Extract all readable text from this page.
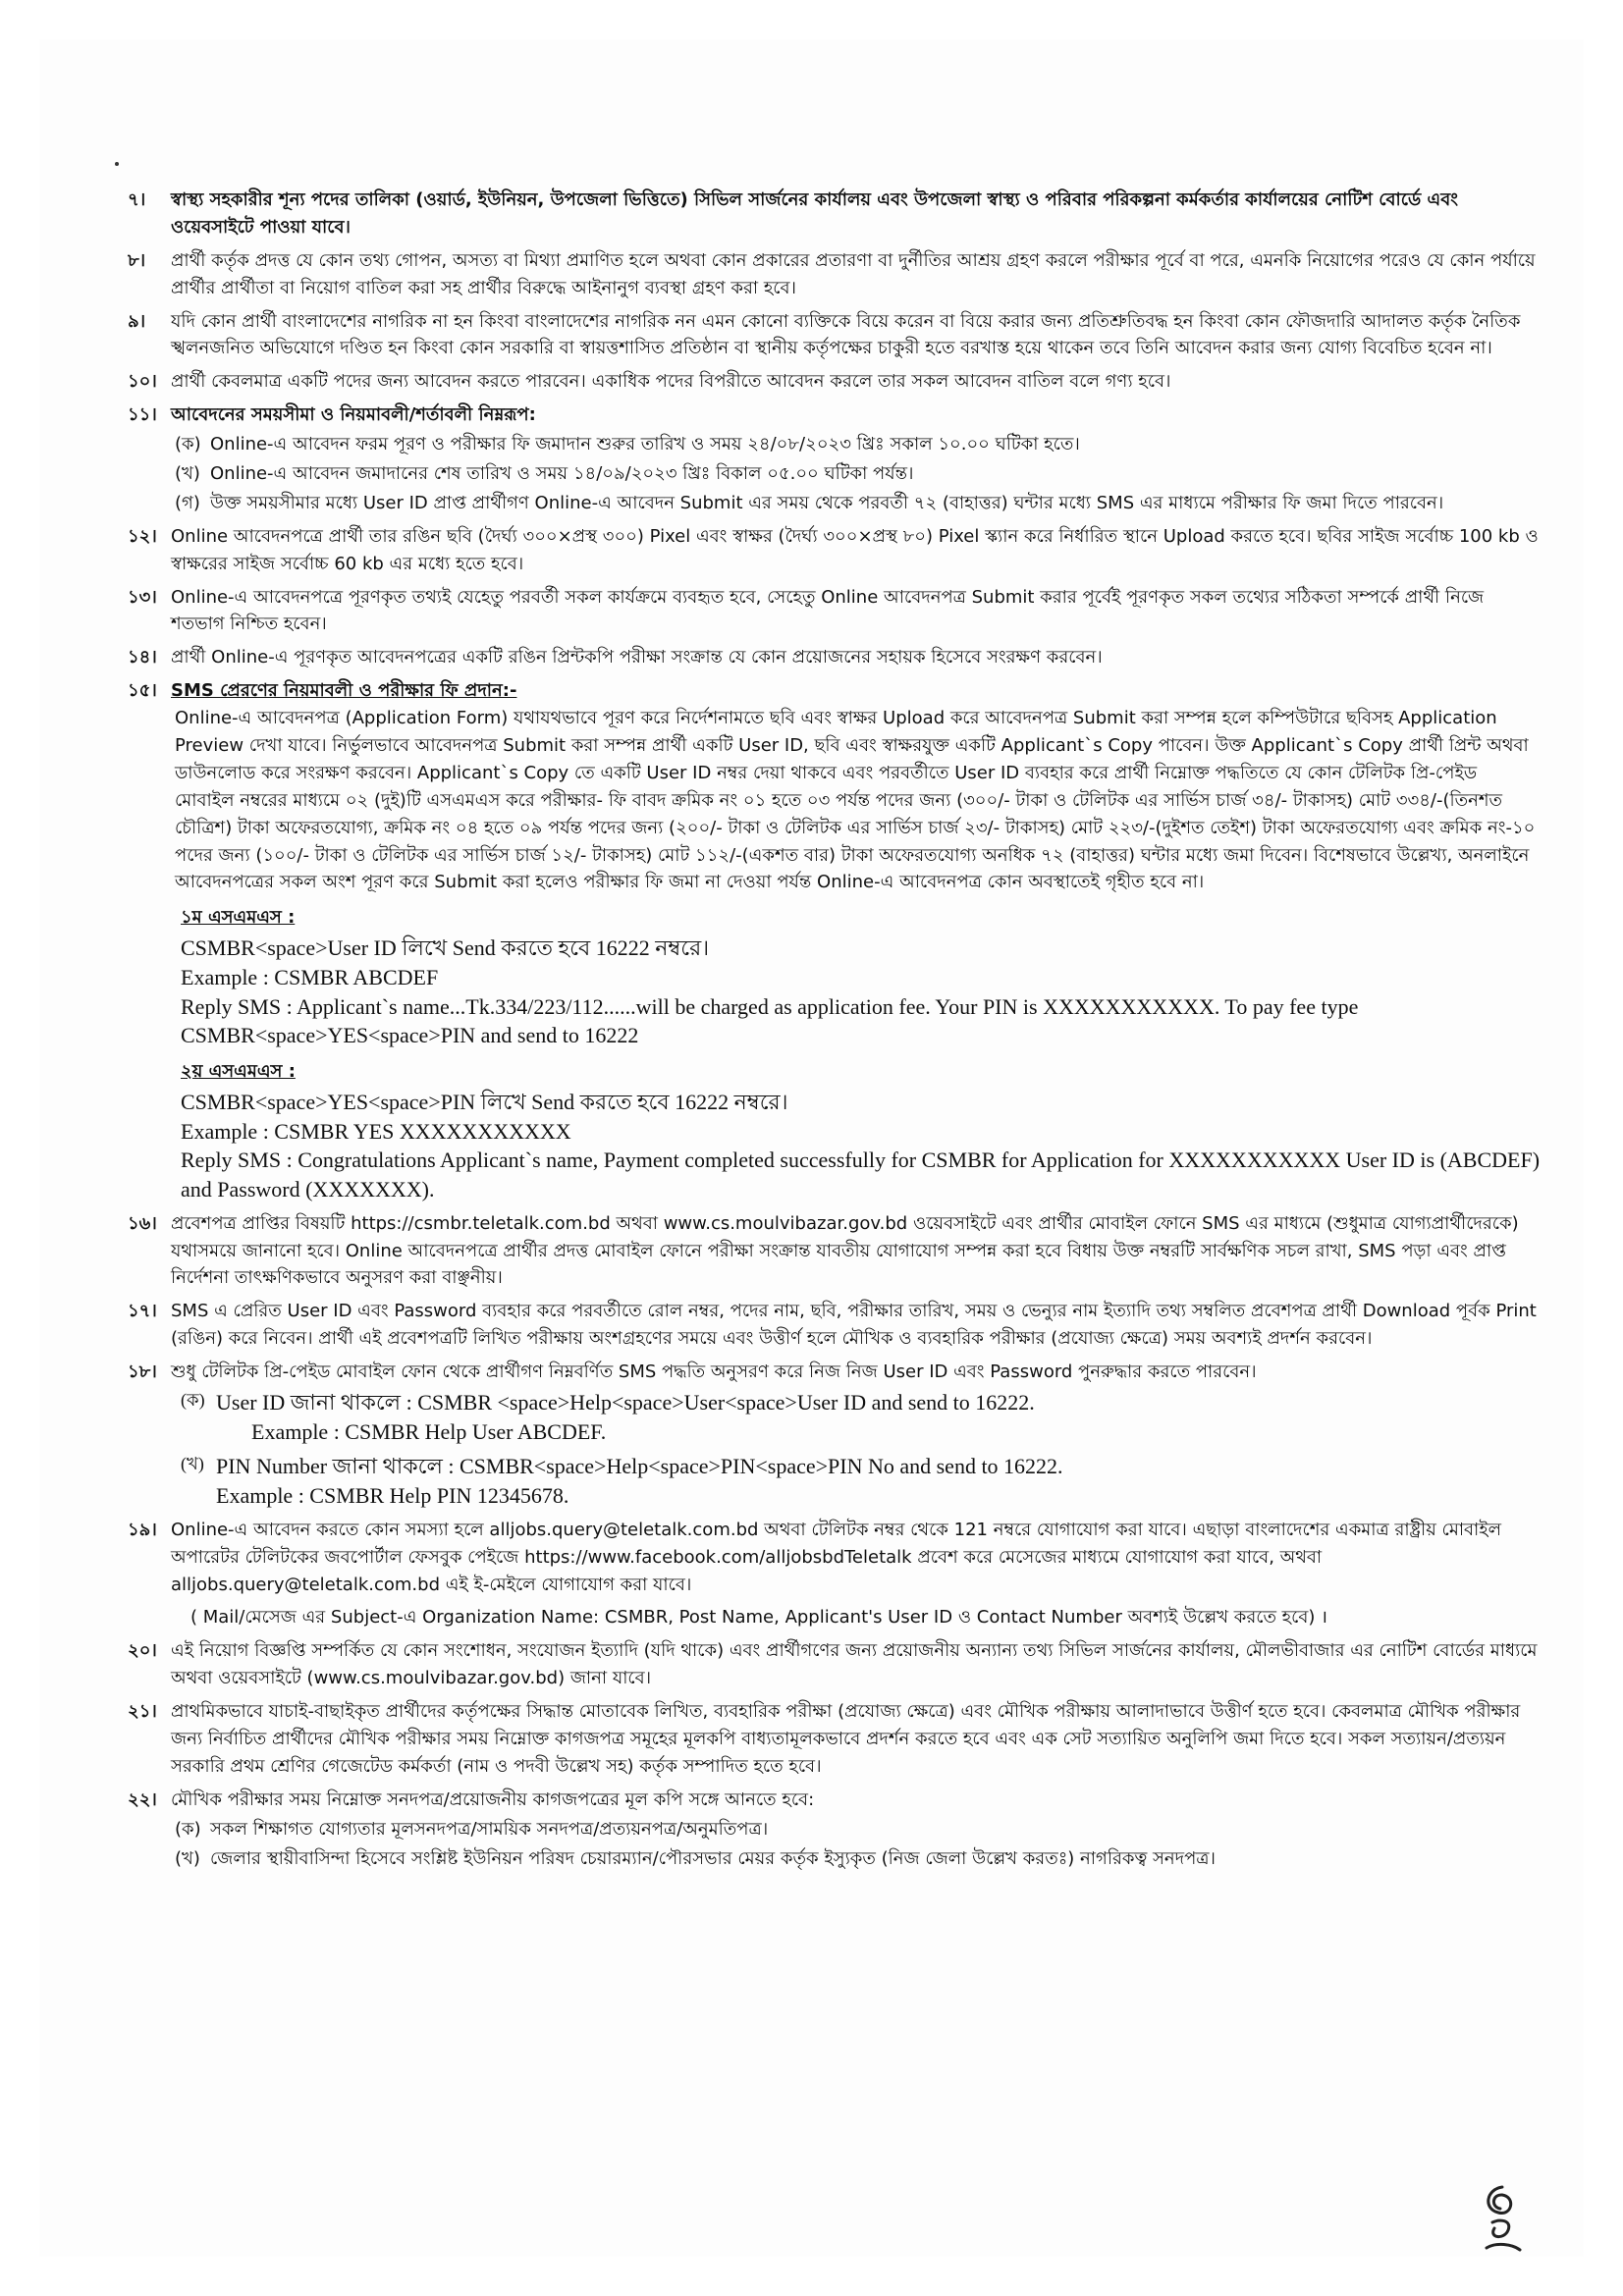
৭। স্বাস্থ্য সহকারীর শূন্য পদের তালিকা (ওয়ার্ড, ইউনিয়ন, উপজেলা ভিত্তিতে) সিভিল সার্জনের কার্যালয় এবং উপজেলা স্বাস্থ্য ও পরিবার পরিকল্পনা কর্মকর্তার কার্যালয়ের নোটিশ বোর্ডে এবং ওয়েবসাইটে পাওয়া যাবে।
৮। প্রার্থী কর্তৃক প্রদত্ত যে কোন তথ্য গোপন, অসত্য বা মিথ্যা প্রমাণিত হলে অথবা কোন প্রকারের প্রতারণা বা দুর্নীতির আশ্রয় গ্রহণ করলে পরীক্ষার পূর্বে বা পরে, এমনকি নিয়োগের পরেও যে কোন পর্যায়ে প্রার্থীর প্রার্থীতা বা নিয়োগ বাতিল করা সহ প্রার্থীর বিরুদ্ধে আইনানুগ ব্যবস্থা গ্রহণ করা হবে।
৯। যদি কোন প্রার্থী বাংলাদেশের নাগরিক না হন কিংবা বাংলাদেশের নাগরিক নন এমন কোনো ব্যক্তিকে বিয়ে করেন বা বিয়ে করার জন্য প্রতিশ্রুতিবদ্ধ হন কিংবা কোন ফৌজদারি আদালত কর্তৃক নৈতিক স্খলনজনিত অভিযোগে দণ্ডিত হন কিংবা কোন সরকারি বা স্বায়ত্তশাসিত প্রতিষ্ঠান বা স্থানীয় কর্তৃপক্ষের চাকুরী হতে বরখাস্ত হয়ে থাকেন তবে তিনি আবেদন করার জন্য যোগ্য বিবেচিত হবেন না।
১০। প্রার্থী কেবলমাত্র একটি পদের জন্য আবেদন করতে পারবেন। একাধিক পদের বিপরীতে আবেদন করলে তার সকল আবেদন বাতিল বলে গণ্য হবে।
১১। আবেদনের সময়সীমা ও নিয়মাবলী/শর্তাবলী নিম্নরূপ:
(ক) Online-এ আবেদন ফরম পূরণ ও পরীক্ষার ফি জমাদান শুরুর তারিখ ও সময় ২৪/০৮/২০২৩ খ্রিঃ সকাল ১০.০০ ঘটিকা হতে।
(খ) Online-এ আবেদন জমাদানের শেষ তারিখ ও সময় ১৪/০৯/২০২৩ খ্রিঃ বিকাল ০৫.০০ ঘটিকা পর্যন্ত।
(গ) উক্ত সময়সীমার মধ্যে User ID প্রাপ্ত প্রার্থীগণ Online-এ আবেদন Submit এর সময় থেকে পরবর্তী ৭২ (বাহাত্তর) ঘন্টার মধ্যে SMS এর মাধ্যমে পরীক্ষার ফি জমা দিতে পারবেন।
১২। Online আবেদনপত্রে প্রার্থী তার রঙিন ছবি (দৈর্ঘ্য ৩০০×প্রস্থ ৩০০) Pixel এবং স্বাক্ষর (দৈর্ঘ্য ৩০০×প্রস্থ ৮০) Pixel স্ক্যান করে নির্ধারিত স্থানে Upload করতে হবে। ছবির সাইজ সর্বোচ্চ 100 kb ও স্বাক্ষরের সাইজ সর্বোচ্চ 60 kb এর মধ্যে হতে হবে।
১৩। Online-এ আবেদনপত্রে পূরণকৃত তথ্যই যেহেতু পরবর্তী সকল কার্যক্রমে ব্যবহৃত হবে, সেহেতু Online আবেদনপত্র Submit করার পূর্বেই পূরণকৃত সকল তথ্যের সঠিকতা সম্পর্কে প্রার্থী নিজে শতভাগ নিশ্চিত হবেন।
১৪। প্রার্থী Online-এ পূরণকৃত আবেদনপত্রের একটি রঙিন প্রিন্টকপি পরীক্ষা সংক্রান্ত যে কোন প্রয়োজনের সহায়ক হিসেবে সংরক্ষণ করবেন।
১৫। SMS প্রেরণের নিয়মাবলী ও পরীক্ষার ফি প্রদান:-
Online-এ আবেদনপত্র (Application Form) যথাযথভাবে পূরণ করে নির্দেশনামতে ছবি এবং স্বাক্ষর Upload করে আবেদনপত্র Submit করা সম্পন্ন হলে কম্পিউটারে ছবিসহ Application Preview দেখা যাবে। নির্ভুলভাবে আবেদনপত্র Submit করা সম্পন্ন প্রার্থী একটি User ID, ছবি এবং স্বাক্ষরযুক্ত একটি Applicant`s Copy পাবেন। উক্ত Applicant`s Copy প্রার্থী প্রিন্ট অথবা ডাউনলোড করে সংরক্ষণ করবেন। Applicant`s Copy তে একটি User ID নম্বর দেয়া থাকবে এবং পরবর্তীতে User ID ব্যবহার করে প্রার্থী নিম্নোক্ত পদ্ধতিতে যে কোন টেলিটক প্রি-পেইড মোবাইল নম্বরের মাধ্যমে ০২ (দুই)টি এসএমএস করে পরীক্ষার- ফি বাবদ ক্রমিক নং ০১ হতে ০৩ পর্যন্ত পদের জন্য (৩০০/- টাকা ও টেলিটক এর সার্ভিস চার্জ ৩৪/- টাকাসহ) মোট ৩৩৪/-(তিনশত চৌত্রিশ) টাকা অফেরতযোগ্য, ক্রমিক নং ০৪ হতে ০৯ পর্যন্ত পদের জন্য (২০০/- টাকা ও টেলিটক এর সার্ভিস চার্জ ২৩/- টাকাসহ) মোট ২২৩/-(দুইশত তেইশ) টাকা অফেরতযোগ্য এবং ক্রমিক নং-১০ পদের জন্য (১০০/- টাকা ও টেলিটক এর সার্ভিস চার্জ ১২/- টাকাসহ) মোট ১১২/-(একশত বার) টাকা অফেরতযোগ্য অনধিক ৭২ (বাহাত্তর) ঘন্টার মধ্যে জমা দিবেন। বিশেষভাবে উল্লেখ্য, অনলাইনে আবেদনপত্রের সকল অংশ পূরণ করে Submit করা হলেও পরীক্ষার ফি জমা না দেওয়া পর্যন্ত Online-এ আবেদনপত্র কোন অবস্থাতেই গৃহীত হবে না।
১ম এসএমএস :
CSMBR<space>User ID লিখে Send করতে হবে 16222 নম্বরে।
Example : CSMBR ABCDEF
Reply SMS : Applicant`s name...Tk.334/223/112......will be charged as application fee. Your PIN is XXXXXXXXXXX. To pay fee type CSMBR<space>YES<space>PIN and send to 16222
২য় এসএমএস :
CSMBR<space>YES<space>PIN লিখে Send করতে হবে 16222 নম্বরে।
Example : CSMBR YES XXXXXXXXXXX
Reply SMS : Congratulations Applicant`s name, Payment completed successfully for CSMBR for Application for XXXXXXXXXXX User ID is (ABCDEF) and Password (XXXXXXX).
১৬। প্রবেশপত্র প্রাপ্তির বিষয়টি https://csmbr.teletalk.com.bd অথবা www.cs.moulvibazar.gov.bd ওয়েবসাইটে এবং প্রার্থীর মোবাইল ফোনে SMS এর মাধ্যমে (শুধুমাত্র যোগ্যপ্রার্থীদেরকে) যথাসময়ে জানানো হবে। Online আবেদনপত্রে প্রার্থীর প্রদত্ত মোবাইল ফোনে পরীক্ষা সংক্রান্ত যাবতীয় যোগাযোগ সম্পন্ন করা হবে বিধায় উক্ত নম্বরটি সার্বক্ষণিক সচল রাখা, SMS পড়া এবং প্রাপ্ত নির্দেশনা তাৎক্ষণিকভাবে অনুসরণ করা বাঞ্ছনীয়।
১৭। SMS এ প্রেরিত User ID এবং Password ব্যবহার করে পরবর্তীতে রোল নম্বর, পদের নাম, ছবি, পরীক্ষার তারিখ, সময় ও ভেন্যুর নাম ইত্যাদি তথ্য সম্বলিত প্রবেশপত্র প্রার্থী Download পূর্বক Print (রঙিন) করে নিবেন। প্রার্থী এই প্রবেশপত্রটি লিখিত পরীক্ষায় অংশগ্রহণের সময়ে এবং উত্তীর্ণ হলে মৌখিক ও ব্যবহারিক পরীক্ষার (প্রযোজ্য ক্ষেত্রে) সময় অবশ্যই প্রদর্শন করবেন।
১৮। শুধু টেলিটক প্রি-পেইড মোবাইল ফোন থেকে প্রার্থীগণ নিম্নবর্ণিত SMS পদ্ধতি অনুসরণ করে নিজ নিজ User ID এবং Password পুনরুদ্ধার করতে পারবেন।
(ক) User ID জানা থাকলে : CSMBR <space>Help<space>User<space>User ID and send to 16222.
Example : CSMBR Help User ABCDEF.
(খ) PIN Number জানা থাকলে : CSMBR<space>Help<space>PIN<space>PIN No and send to 16222.
Example : CSMBR Help PIN 12345678.
১৯। Online-এ আবেদন করতে কোন সমস্যা হলে alljobs.query@teletalk.com.bd অথবা টেলিটক নম্বর থেকে 121 নম্বরে যোগাযোগ করা যাবে। এছাড়া বাংলাদেশের একমাত্র রাষ্ট্রীয় মোবাইল অপারেটর টেলিটকের জবপোর্টাল ফেসবুক পেইজে https://www.facebook.com/alljobsbdTeletalk প্রবেশ করে মেসেজের মাধ্যমে যোগাযোগ করা যাবে, অথবা alljobs.query@teletalk.com.bd এই ই-মেইলে যোগাযোগ করা যাবে।
( Mail/মেসেজ এর Subject-এ Organization Name: CSMBR, Post Name, Applicant's User ID ও Contact Number অবশ্যই উল্লেখ করতে হবে) ।
২০। এই নিয়োগ বিজ্ঞপ্তি সম্পর্কিত যে কোন সংশোধন, সংযোজন ইত্যাদি (যদি থাকে) এবং প্রার্থীগণের জন্য প্রয়োজনীয় অন্যান্য তথ্য সিভিল সার্জনের কার্যালয়, মৌলভীবাজার এর নোটিশ বোর্ডের মাধ্যমে অথবা ওয়েবসাইটে (www.cs.moulvibazar.gov.bd) জানা যাবে।
২১। প্রাথমিকভাবে যাচাই-বাছাইকৃত প্রার্থীদের কর্তৃপক্ষের সিদ্ধান্ত মোতাবেক লিখিত, ব্যবহারিক পরীক্ষা (প্রযোজ্য ক্ষেত্রে) এবং মৌখিক পরীক্ষায় আলাদাভাবে উত্তীর্ণ হতে হবে। কেবলমাত্র মৌখিক পরীক্ষার জন্য নির্বাচিত প্রার্থীদের মৌখিক পরীক্ষার সময় নিম্নোক্ত কাগজপত্র সমূহের মূলকপি বাধ্যতামূলকভাবে প্রদর্শন করতে হবে এবং এক সেট সত্যায়িত অনুলিপি জমা দিতে হবে। সকল সত্যায়ন/প্রত্যয়ন সরকারি প্রথম শ্রেণির গেজেটেড কর্মকর্তা (নাম ও পদবী উল্লেখ সহ) কর্তৃক সম্পাদিত হতে হবে।
২২। মৌখিক পরীক্ষার সময় নিম্নোক্ত সনদপত্র/প্রয়োজনীয় কাগজপত্রের মূল কপি সঙ্গে আনতে হবে:
(ক) সকল শিক্ষাগত যোগ্যতার মূলসনদপত্র/সাময়িক সনদপত্র/প্রত্যয়নপত্র/অনুমতিপত্র।
(খ) জেলার স্থায়ীবাসিন্দা হিসেবে সংশ্লিষ্ট ইউনিয়ন পরিষদ চেয়ারম্যান/পৌরসভার মেয়র কর্তৃক ইস্যুকৃত (নিজ জেলা উল্লেখ করতঃ) নাগরিকত্ব সনদপত্র।
